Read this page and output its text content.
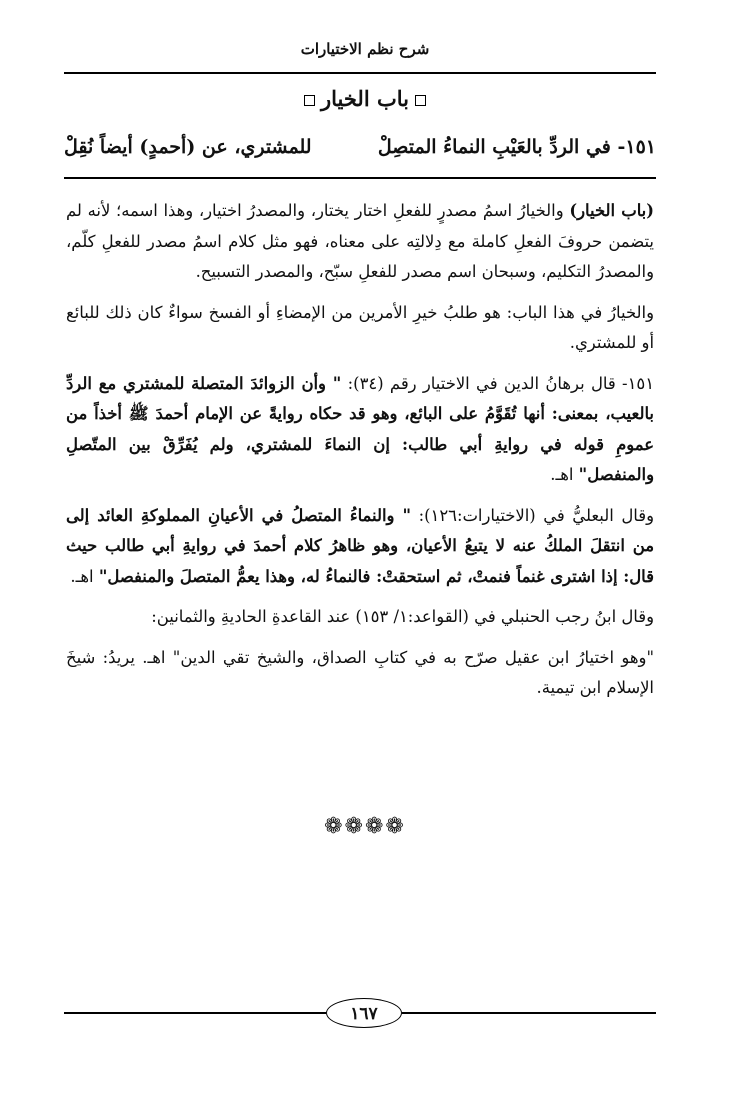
شرح نظم الاختيارات
باب الخيار
١٥١- في الردِّ بالعَيْبِ النماءُ المتصِلْ
للمشتري، عن (أحمدٍ) أيضاً نُقِلْ

(باب الخيار) والخيارُ اسمُ مصدرٍ للفعلِ اختار يختار، والمصدرُ اختيار، وهذا اسمه؛ لأنه لم يتضمن حروفَ الفعلِ كاملة مع دِلالتِه على معناه، فهو مثل كلام اسمُ مصدر للفعلِ كلّم، والمصدرُ التكليم، وسبحان اسم مصدر للفعلِ سبّح، والمصدر التسبيح.

والخيارُ في هذا الباب: هو طلبُ خيرِ الأمرين من الإمضاءِ أو الفسخ سواءٌ كان ذلك للبائع أو للمشتري.

١٥١- قال برهانُ الدين في الاختيار رقم (٣٤): " وأن الزوائدَ المتصلة للمشتري مع الردِّ بالعيب، بمعنى: أنها تُقَوَّمُ على البائع، وهو قد حكاه روايةً عن الإمام أحمدَ ﷺ أخذاً من عمومِ قوله في روايةِ أبي طالب: إن النماءَ للمشتري، ولم يُفَرِّقْ بين المتّصلِ والمنفصل" اهـ.

وقال البعليُّ في (الاختيارات:١٢٦): " والنماءُ المتصلُ في الأعيانِ المملوكةِ العائد إلى من انتقلَ الملكُ عنه لا يتبعُ الأعيان، وهو ظاهرُ كلام أحمدَ في روايةِ أبي طالب حيث قال: إذا اشترى غنماً فنمتْ، ثم استحقتْ: فالنماءُ له، وهذا يعمُّ المتصلَ والمنفصل" اهـ.

وقال ابنُ رجب الحنبلي في (القواعد:١/ ١٥٣) عند القاعدةِ الحاديةِ والثمانين:

"وهو اختيارُ ابن عقيل صرّح به في كتابِ الصداق، والشيخ تقي الدين" اهـ. يريدُ: شيخَ الإسلام ابن تيمية.

❁❁❁❁
١٦٧
